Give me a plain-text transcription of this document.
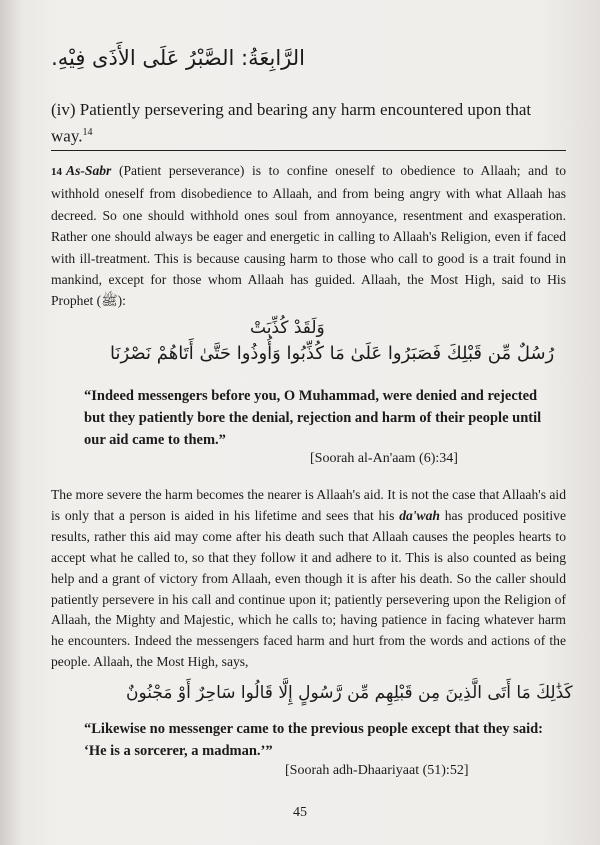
الرَّابِعَةُ: الصَّبْرُ عَلَى الأَذَى فِيْهِ.
(iv) Patiently persevering and bearing any harm encountered upon that way.$^{14}$
14 As-Sabr (Patient perseverance) is to confine oneself to obedience to Allaah; and to withhold oneself from disobedience to Allaah, and from being angry with what Allaah has decreed. So one should withhold ones soul from annoyance, resentment and exasperation. Rather one should always be eager and energetic in calling to Allaah's Religion, even if faced with ill-treatment. This is because causing harm to those who call to good is a trait found in mankind, except for those whom Allaah has guided. Allaah, the Most High, said to His Prophet (ﷺ):
وَلَقَدْ كُذِّبَتْ
رُسُلٌ مِّن قَبْلِكَ فَصَبَرُوا عَلَىٰ مَا كُذِّبُوا وَأُوذُوا حَتَّىٰ أَتَاهُمْ نَصْرُنَا
“Indeed messengers before you, O Muhammad, were denied and rejected but they patiently bore the denial, rejection and harm of their people until our aid came to them.”
[Soorah al-An'aam (6):34]
The more severe the harm becomes the nearer is Allaah's aid. It is not the case that Allaah's aid is only that a person is aided in his lifetime and sees that his da'wah has produced positive results, rather this aid may come after his death such that Allaah causes the peoples hearts to accept what he called to, so that they follow it and adhere to it. This is also counted as being help and a grant of victory from Allaah, even though it is after his death. So the caller should patiently persevere in his call and continue upon it; patiently persevering upon the Religion of Allaah, the Mighty and Majestic, which he calls to; having patience in facing whatever harm he encounters. Indeed the messengers faced harm and hurt from the words and actions of the people. Allaah, the Most High, says,
كَذَٰلِكَ مَا أَتَى الَّذِينَ مِن قَبْلِهِم مِّن رَّسُولٍ إِلَّا قَالُوا سَاحِرٌ أَوْ مَجْنُونٌ
“Likewise no messenger came to the previous people except that they said: ‘He is a sorcerer, a madman.’”
[Soorah adh-Dhaariyaat (51):52]
45
